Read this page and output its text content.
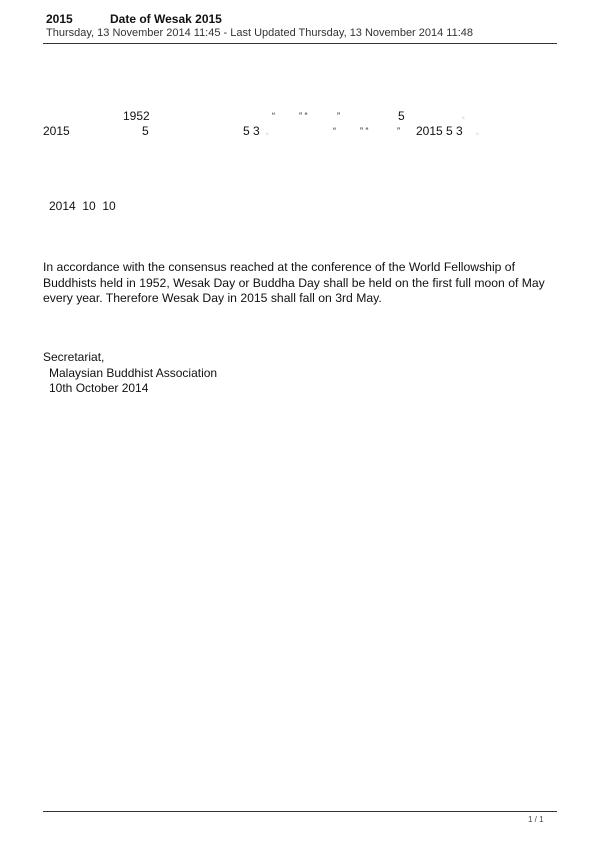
2015	Date of Wesak 2015
Thursday, 13 November 2014 11:45 - Last Updated Thursday, 13 November 2014 11:48
1952	“	” “	”	5	。
2015	5	5 3 。	“	” “	” 2015 5 3 。
2014  10  10
In accordance with the consensus reached at the conference of the World Fellowship of Buddhists held in 1952, Wesak Day or Buddha Day shall be held on the first full moon of May every year. Therefore Wesak Day in 2015 shall fall on 3rd May.
Secretariat,
Malaysian Buddhist Association
10th October 2014
1 / 1
